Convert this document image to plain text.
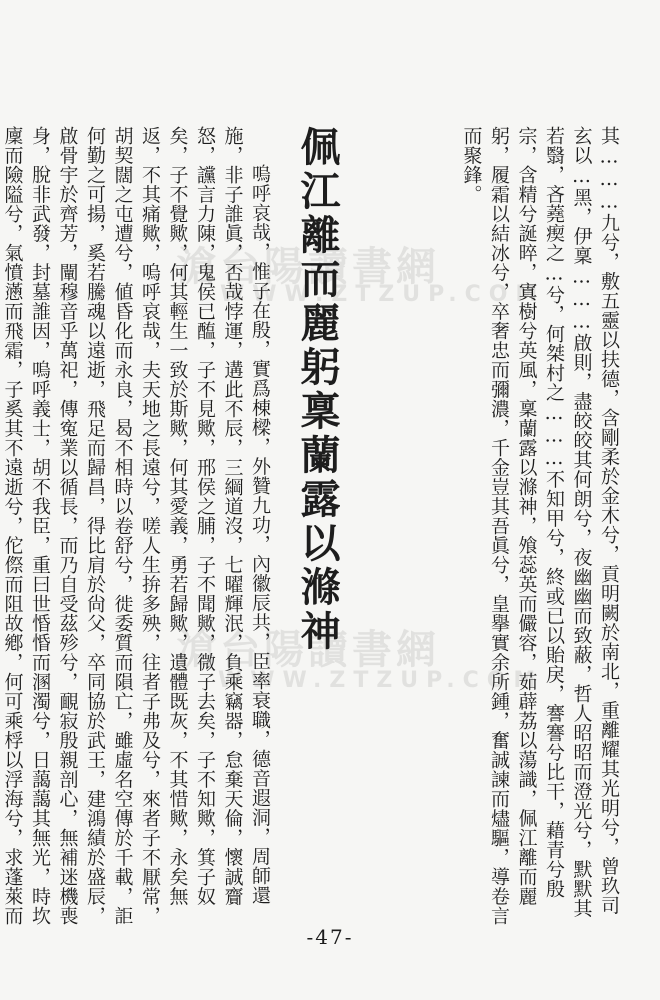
滄台陽讀書網
WWW.ZTZUP.COM
滄台陽讀書網
WWW.ZTZUP.COM	其………九兮，敷五靈以扶德，含剛柔於金木兮，貢明闕於南北，重離耀其光明兮，曾玖司玄以…黑，伊稟………啟則，盡皎皎其何朗兮，夜幽幽而致蔽，哲人昭昭而澄光兮，默默其若翳，吝蕘瘈之…兮，何桀村之………不知甲兮，終或已以貽戾，謇謇兮比干，藉青兮殷宗，含精兮誕晬，寘樹兮英風，稟蘭露以滌神，飧蕊英而儼容，茹薜荔以蕩識，佩江離而麗躬，履霜以結冰兮，卒奢忠而彌濃，千金豈其吾眞兮，皇擧實余所鍾，奮誠諫而燼驅，導卷言而聚鋒。

佩江離而麗躬稟蘭露以滌神

嗚呼哀哉，惟子在殷，實爲棟樑，外贊九功，內徽辰共，臣率衰職，德音遐洞，周師還施，非子誰眞，否哉悖運，遘此不辰，三綱道沒，七曜輝泯，負乘竊器，怠棄天倫，懷誠齎怒，讜言力陳，鬼侯已醢，子不見歟，邢侯之脯，子不聞歟，微子去矣，子不知歟，箕子奴矣，子不覺歟，何其輕生一致於斯歟，何其愛義，勇若歸歟，遺體既灰，不其惜歟，永矣無返，不其痛歟，嗚呼哀哉，夫天地之長遠兮，嗟人生拚多殃，往者子弗及兮，來者子不厭常，胡契闊之屯遭兮，値昏化而永良，曷不相時以卷舒兮，徙委質而隕亡，雖虛名空傳於千載，詎何勤之可揚，奚若騰魂以遠逝，飛足而歸昌，得比肩於尙父，卒同協於武王，建鴻績於盛辰，啟骨宇於齊芳，闡穆音乎萬祀，傳寃業以循長，而乃自受茲殄兮，靦寂殷親剖心，無補迷機喪身，脫非武發，封墓誰因，嗚呼義士，胡不我臣，重曰世惛惛而溷濁兮，日藹藹其無光，時坎廩而險隘兮，氣憤懣而飛霜，子奚其不遠逝兮，佗傺而阻故鄕，何可乘桴以浮海兮，求蓬萊而

-47-
